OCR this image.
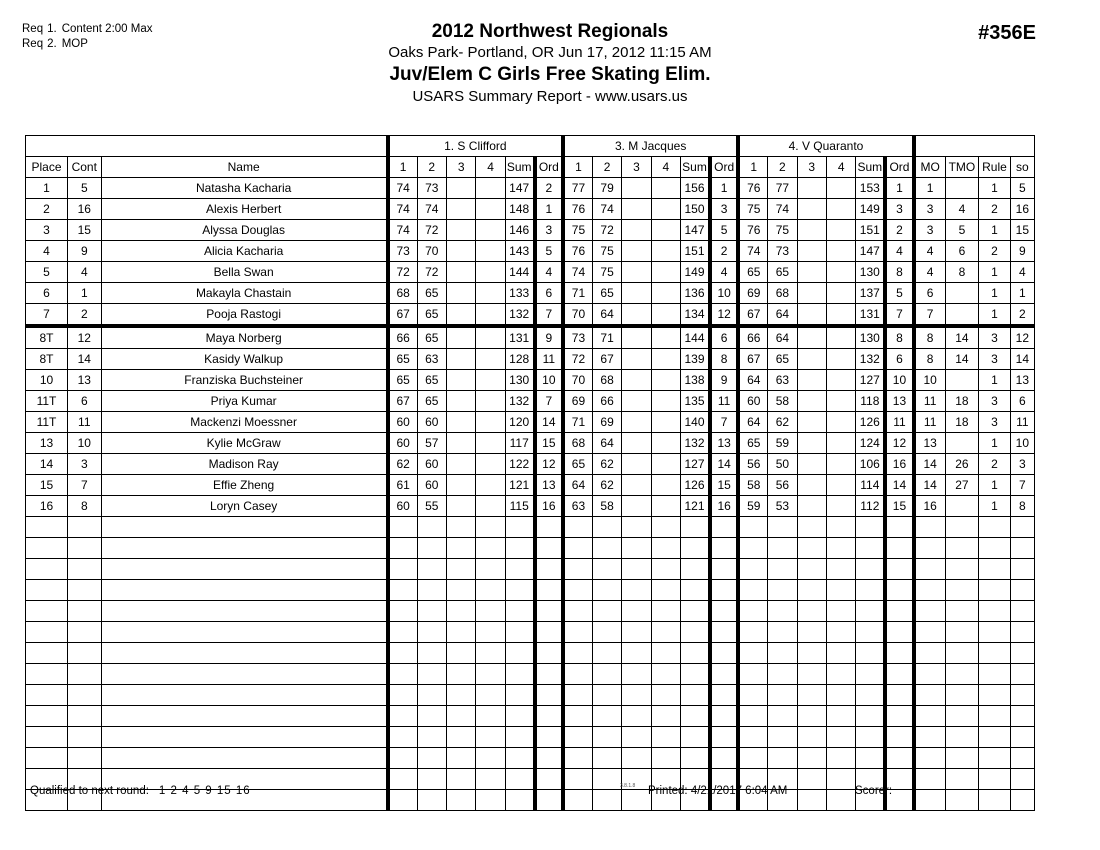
Req 1. Content 2:00 Max
Req 2. MOP	#356E
2012 Northwest Regionals
Oaks Park- Portland, OR Jun 17, 2012 11:15 AM
Juv/Elem C Girls Free Skating Elim.
USARS Summary Report - www.usars.us
			1. S Clifford						3. M Jacques						4. V Quaranto									
Place	Cont	Name	1	2	3	4	Sum	Ord	1	2	3	4	Sum	Ord	1	2	3	4	Sum	Ord	MO	TMO	Rule	so
1	5	Natasha Kacharia	74	73			147	2	77	79			156	1	76	77			153	1	1		1	5
2	16	Alexis Herbert	74	74			148	1	76	74			150	3	75	74			149	3	3	4	2	16
3	15	Alyssa Douglas	74	72			146	3	75	72			147	5	76	75			151	2	3	5	1	15
4	9	Alicia Kacharia	73	70			143	5	76	75			151	2	74	73			147	4	4	6	2	9
5	4	Bella Swan	72	72			144	4	74	75			149	4	65	65			130	8	4	8	1	4
6	1	Makayla Chastain	68	65			133	6	71	65			136	10	69	68			137	5	6		1	1
7	2	Pooja Rastogi	67	65			132	7	70	64			134	12	67	64			131	7	7		1	2
8T	12	Maya Norberg	66	65			131	9	73	71			144	6	66	64			130	8	8	14	3	12
8T	14	Kasidy Walkup	65	63			128	11	72	67			139	8	67	65			132	6	8	14	3	14
10	13	Franziska Buchsteiner	65	65			130	10	70	68			138	9	64	63			127	10	10		1	13
11T	6	Priya Kumar	67	65			132	7	69	66			135	11	60	58			118	13	11	18	3	6
11T	11	Mackenzi Moessner	60	60			120	14	71	69			140	7	64	62			126	11	11	18	3	11
13	10	Kylie McGraw	60	57			117	15	68	64			132	13	65	59			124	12	13		1	10
14	3	Madison Ray	62	60			122	12	65	62			127	14	56	50			106	16	14	26	2	3
15	7	Effie Zheng	61	60			121	13	64	62			126	15	58	56			114	14	14	27	1	7
16	8	Loryn Casey	60	55			115	16	63	58			121	16	59	53			112	15	16		1	8

Qualified to next round: 1 2 4 5 9 15 16	3.8.1.8 Printed: 4/21/2017 6:04 AM	Scorer:
